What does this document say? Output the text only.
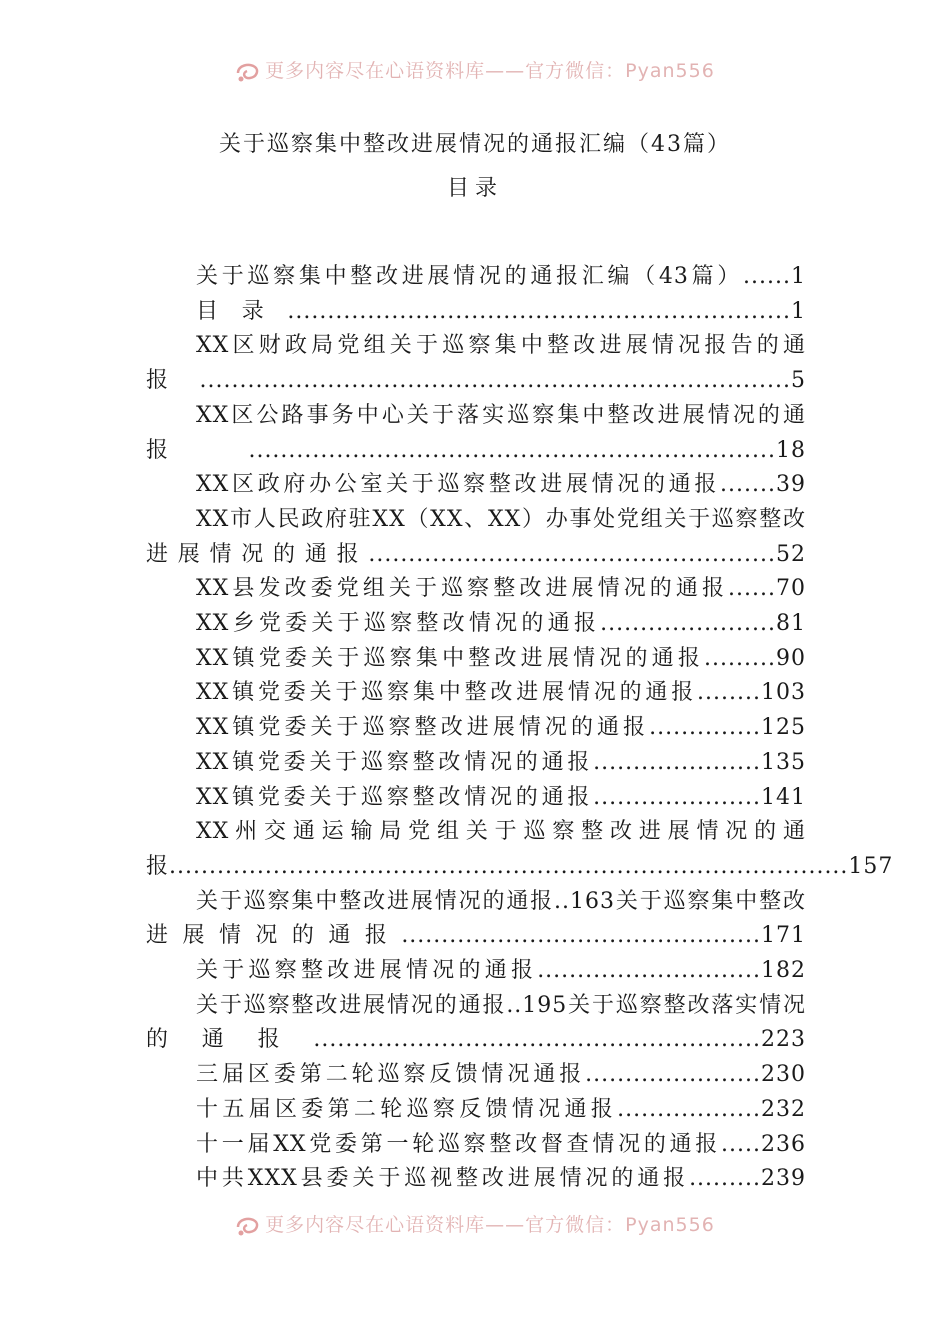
更多内容尽在心语资料库——官方微信：Pyan556
关于巡察集中整改进展情况的通报汇编（43篇）
目录

关于巡察集中整改进展情况的通报汇编（43篇）......1

目录...............................................................1

XX区财政局党组关于巡察集中整改进展情况报告的通报..........................................................................5

XX区公路事务中心关于落实巡察集中整改进展情况的通报..................................................................18

XX区政府办公室关于巡察整改进展情况的通报.......39

XX市人民政府驻XX（XX、XX）办事处党组关于巡察整改进展情况的通报...................................................52

XX县发改委党组关于巡察整改进展情况的通报......70

XX乡党委关于巡察整改情况的通报......................81

XX镇党委关于巡察集中整改进展情况的通报.........90

XX镇党委关于巡察集中整改进展情况的通报........103

XX镇党委关于巡察整改进展情况的通报..............125

XX镇党委关于巡察整改情况的通报.....................135

XX镇党委关于巡察整改情况的通报.....................141

XX州交通运输局党组关于巡察整改进展情况的通报.....................................................................................157

关于巡察集中整改进展情况的通报..163关于巡察集中整改进展情况的通报.............................................171

关于巡察整改进展情况的通报............................182

关于巡察整改进展情况的通报..195关于巡察整改落实情况的通报........................................................223

三届区委第二轮巡察反馈情况通报......................230

十五届区委第二轮巡察反馈情况通报..................232

十一届XX党委第一轮巡察整改督查情况的通报.....236

中共XXX县委关于巡视整改进展情况的通报.........239

更多内容尽在心语资料库——官方微信：Pyan556
